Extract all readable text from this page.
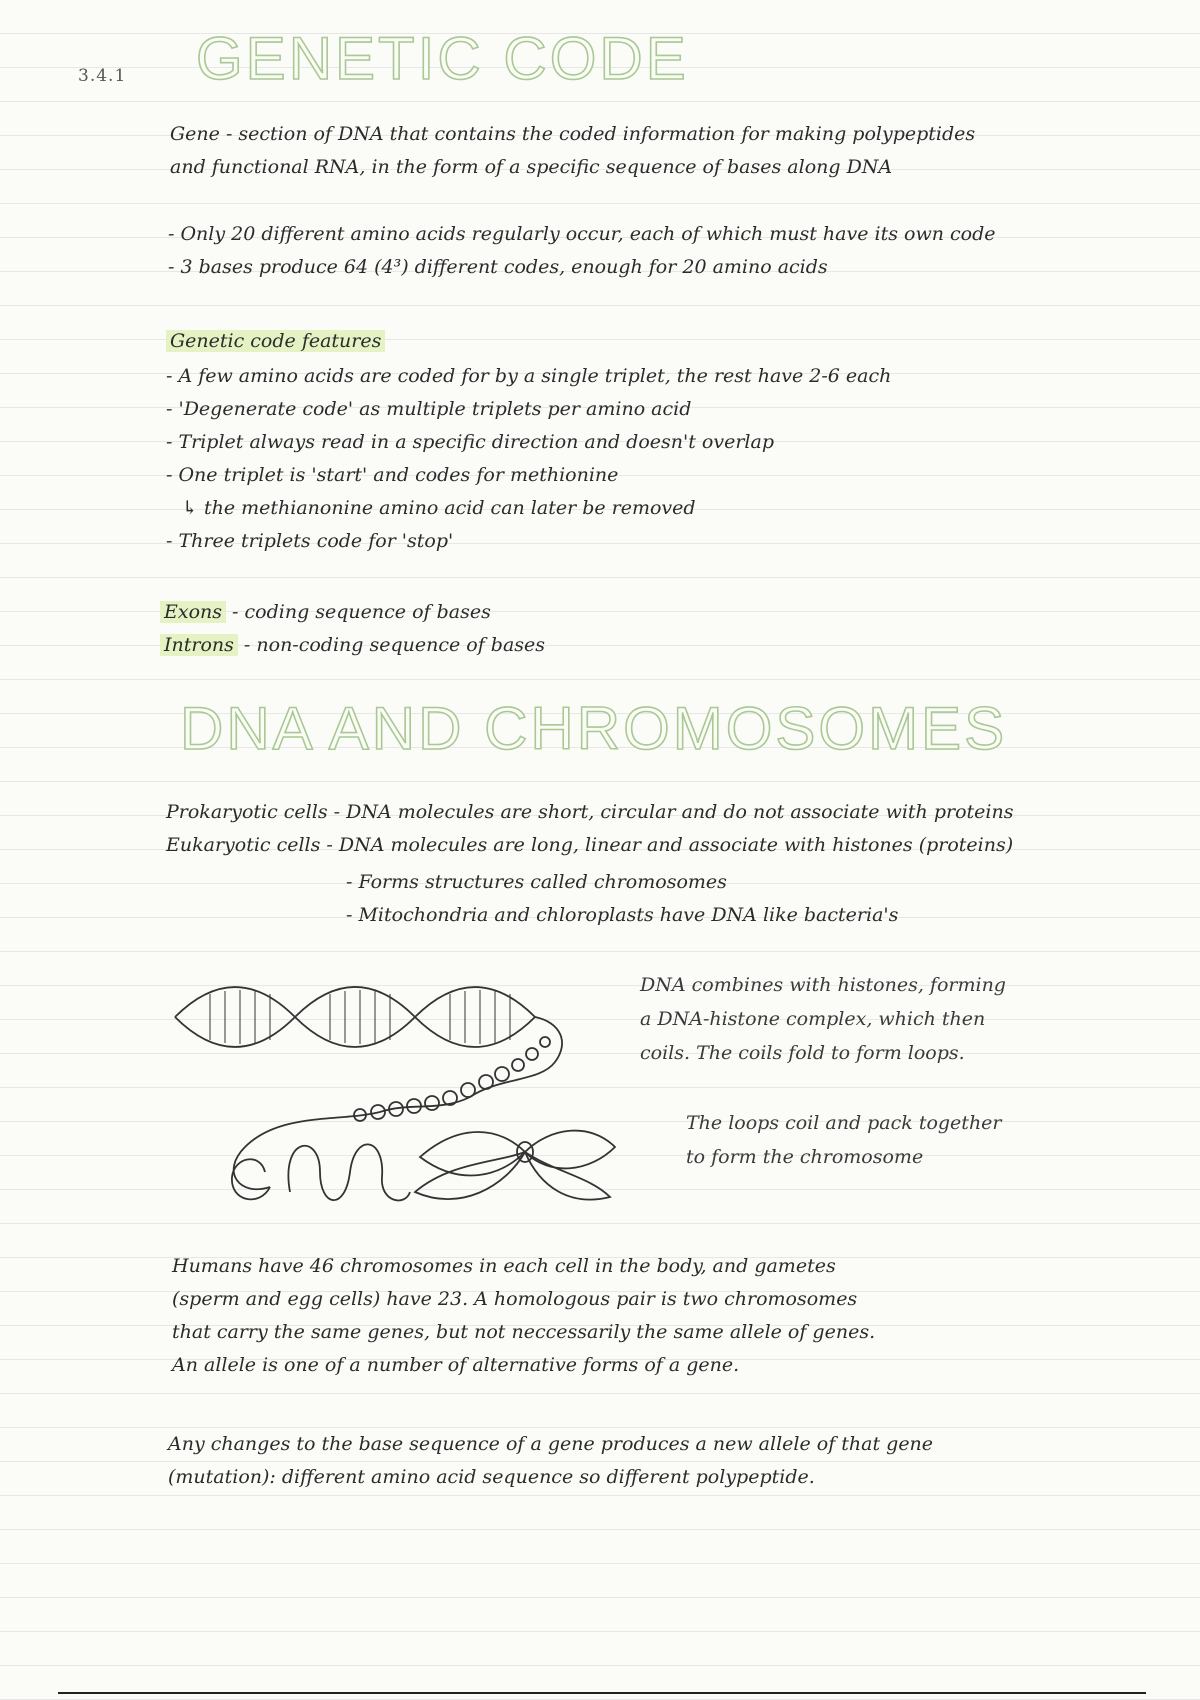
3.4.1 GENETIC CODE

Gene - section of DNA that contains the coded information for making polypeptides
and functional RNA, in the form of a specific sequence of bases along DNA

- Only 20 different amino acids regularly occur, each of which must have its own code
- 3 bases produce 64 (4³) different codes, enough for 20 amino acids

Genetic code features

- A few amino acids are coded for by a single triplet, the rest have 2-6 each
- 'Degenerate code' as multiple triplets per amino acid
- Triplet always read in a specific direction and doesn't overlap
- One triplet is 'start' and codes for methionine
↳ the methianonine amino acid can later be removed
- Three triplets code for 'stop'

Exons - coding sequence of bases
Introns - non-coding sequence of bases

DNA AND CHROMOSOMES

Prokaryotic cells - DNA molecules are short, circular and do not associate with proteins
Eukaryotic cells - DNA molecules are long, linear and associate with histones (proteins)

- Forms structures called chromosomes
- Mitochondria and chloroplasts have DNA like bacteria's

DNA combines with histones, forming
a DNA-histone complex, which then
coils. The coils fold to form loops.

The loops coil and pack together
to form the chromosome

Humans have 46 chromosomes in each cell in the body, and gametes
(sperm and egg cells) have 23. A homologous pair is two chromosomes
that carry the same genes, but not neccessarily the same allele of genes.
An allele is one of a number of alternative forms of a gene.

Any changes to the base sequence of a gene produces a new allele of that gene
(mutation): different amino acid sequence so different polypeptide.
